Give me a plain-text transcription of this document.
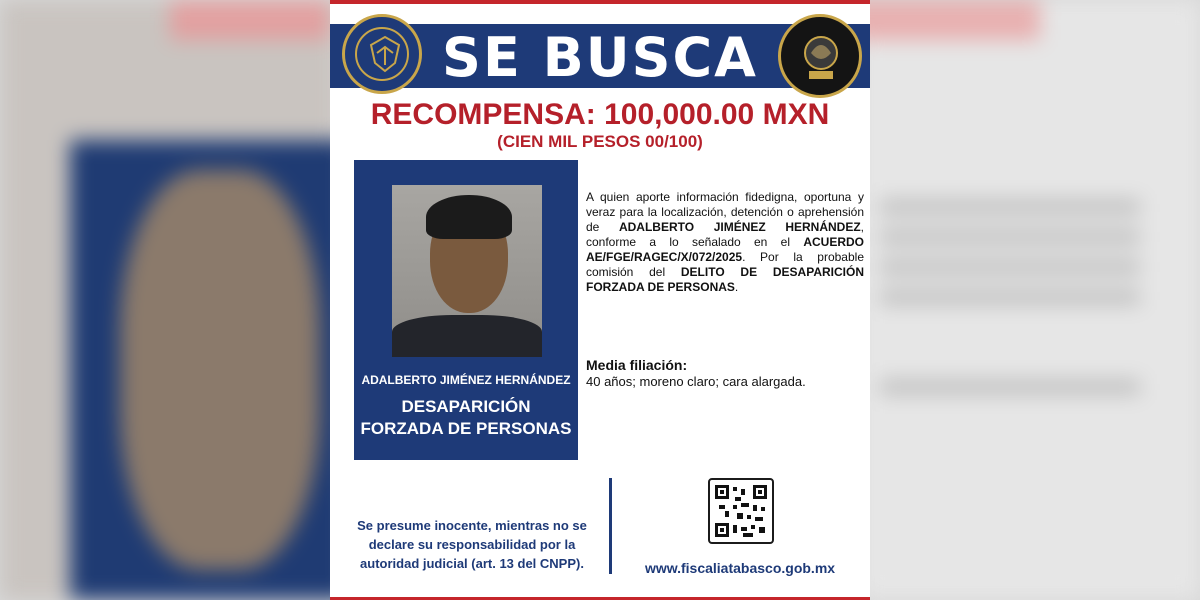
SE BUSCA
RECOMPENSA: 100,000.00 MXN
(CIEN MIL PESOS 00/100)
ADALBERTO JIMÉNEZ HERNÁNDEZ
DESAPARICIÓN
FORZADA DE PERSONAS
A quien aporte información fidedigna, oportuna y veraz para la localización, detención o aprehensión de ADALBERTO JIMÉNEZ HERNÁNDEZ, conforme a lo señalado en el ACUERDO AE/FGE/RAGEC/X/072/2025. Por la probable comisión del DELITO DE DESAPARICIÓN FORZADA DE PERSONAS.
Media filiación:
40 años; moreno claro; cara alargada.
Se presume inocente, mientras no se declare su responsabilidad por la autoridad judicial (art. 13 del CNPP).	www.fiscaliatabasco.gob.mx
